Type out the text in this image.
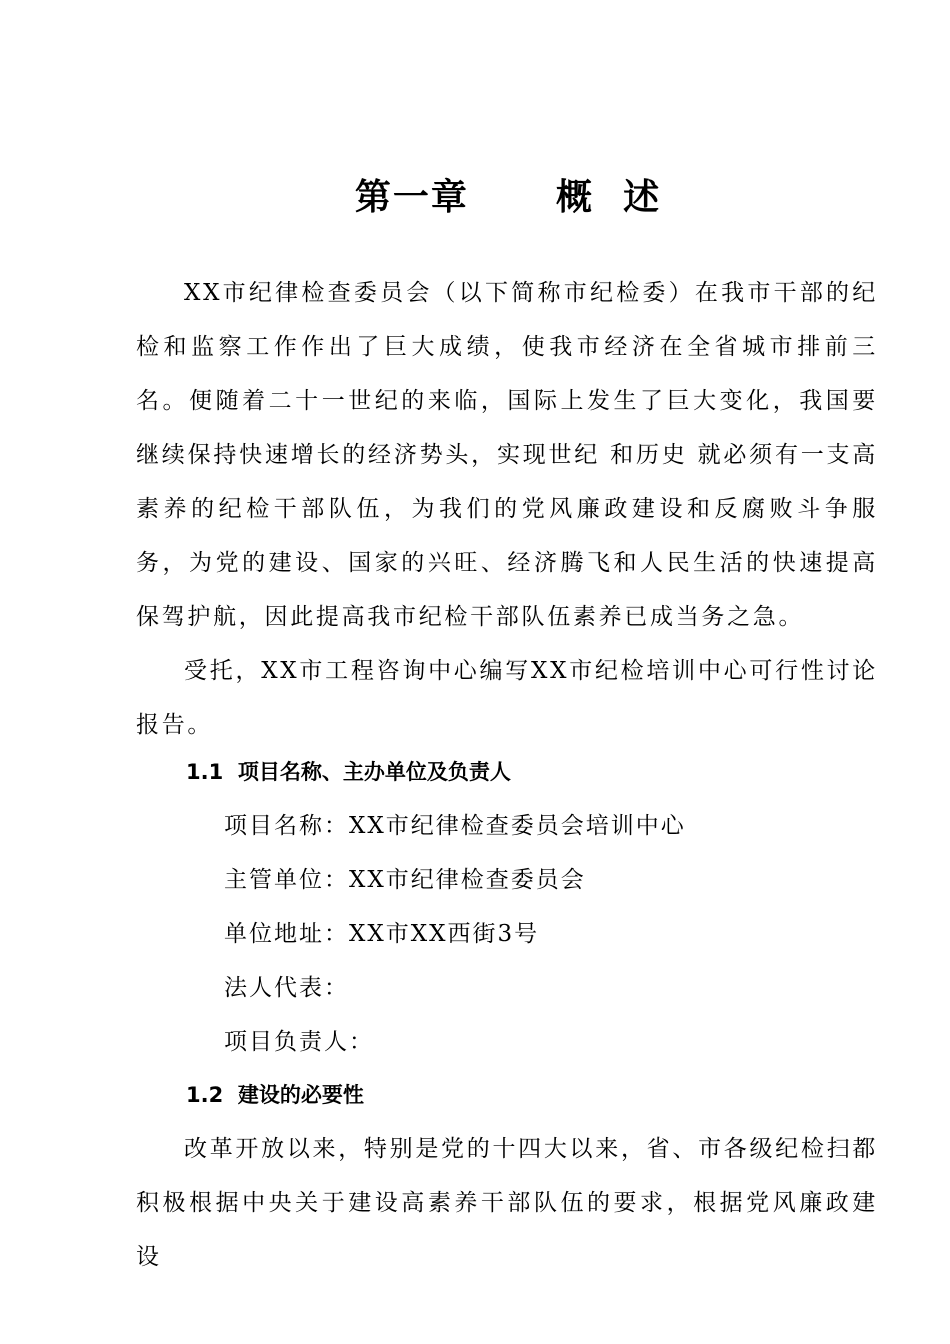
第一章      概  述

XX市纪律检查委员会（以下简称市纪检委）在我市干部的纪检和监察工作作出了巨大成绩，使我市经济在全省城市排前三名。便随着二十一世纪的来临，国际上发生了巨大变化，我国要继续保持快速增长的经济势头，实现世纪 和历史 就必须有一支高素养的纪检干部队伍，为我们的党风廉政建设和反腐败斗争服务，为党的建设、国家的兴旺、经济腾飞和人民生活的快速提高保驾护航，因此提高我市纪检干部队伍素养已成当务之急。

受托，XX市工程咨询中心编写XX市纪检培训中心可行性讨论报告。

1.1  项目名称、主办单位及负责人
项目名称：XX市纪律检查委员会培训中心
主管单位：XX市纪律检查委员会
单位地址：XX市XX西街3号
法人代表：
项目负责人：
1.2  建设的必要性

改革开放以来，特别是党的十四大以来，省、市各级纪检扫都积极根据中央关于建设高素养干部队伍的要求，根据党风廉政建设
